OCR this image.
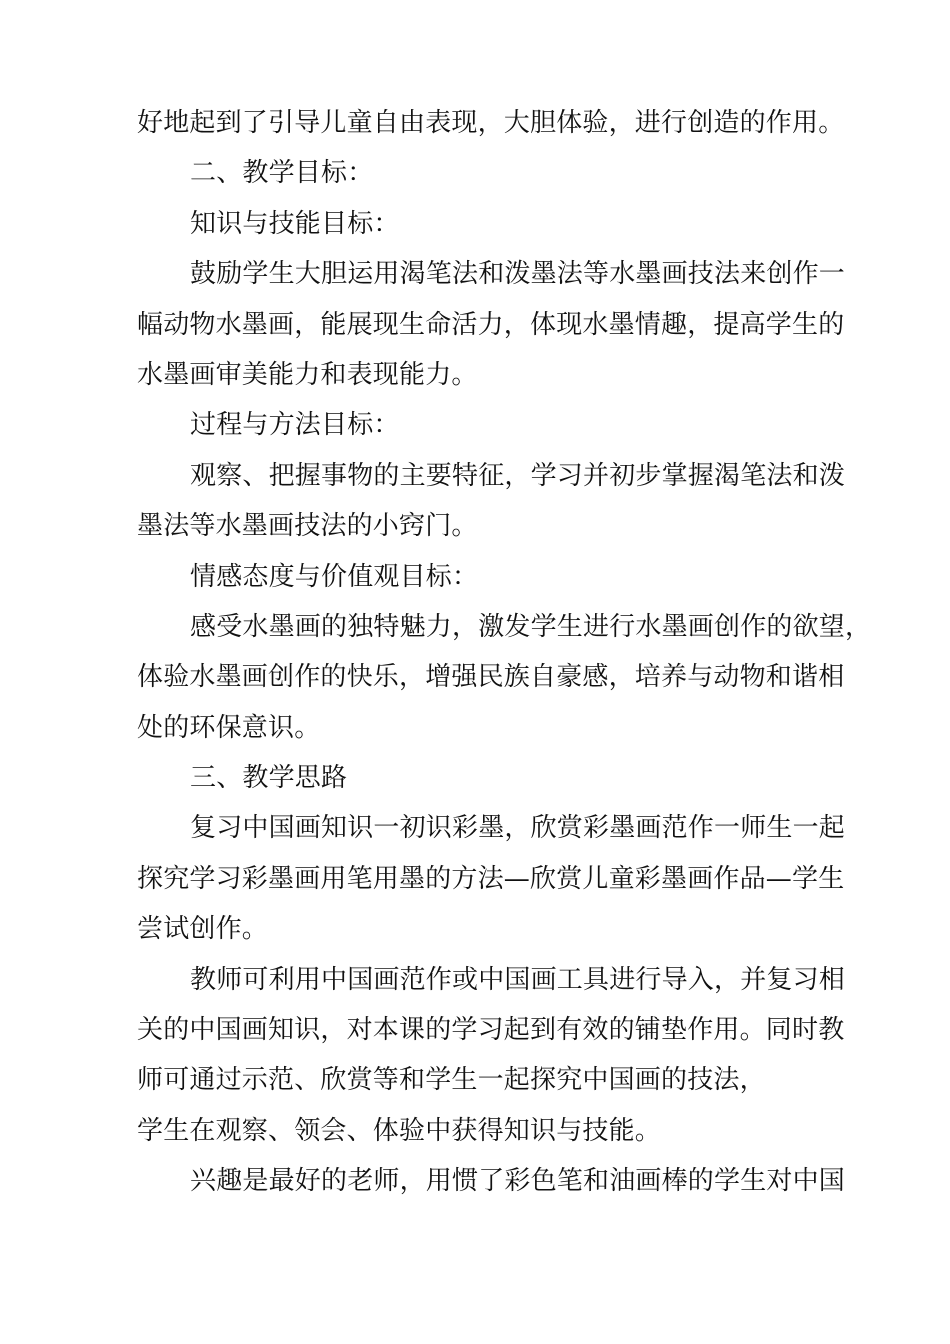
好地起到了引导儿童自由表现，大胆体验，进行创造的作用。
二、教学目标：
知识与技能目标：
鼓励学生大胆运用渴笔法和泼墨法等水墨画技法来创作一
幅动物水墨画，能展现生命活力，体现水墨情趣，提高学生的
水墨画审美能力和表现能力。
过程与方法目标：
观察、把握事物的主要特征，学习并初步掌握渴笔法和泼
墨法等水墨画技法的小窍门。
情感态度与价值观目标：
感受水墨画的独特魅力，激发学生进行水墨画创作的欲望，
体验水墨画创作的快乐，增强民族自豪感，培养与动物和谐相
处的环保意识。
三、教学思路
复习中国画知识一初识彩墨，欣赏彩墨画范作一师生一起
探究学习彩墨画用笔用墨的方法—欣赏儿童彩墨画作品—学生
尝试创作。
教师可利用中国画范作或中国画工具进行导入，并复习相
关的中国画知识，对本课的学习起到有效的铺垫作用。同时教
师可通过示范、欣赏等和学生一起探究中国画的技法，
学生在观察、领会、体验中获得知识与技能。
兴趣是最好的老师，用惯了彩色笔和油画棒的学生对中国
